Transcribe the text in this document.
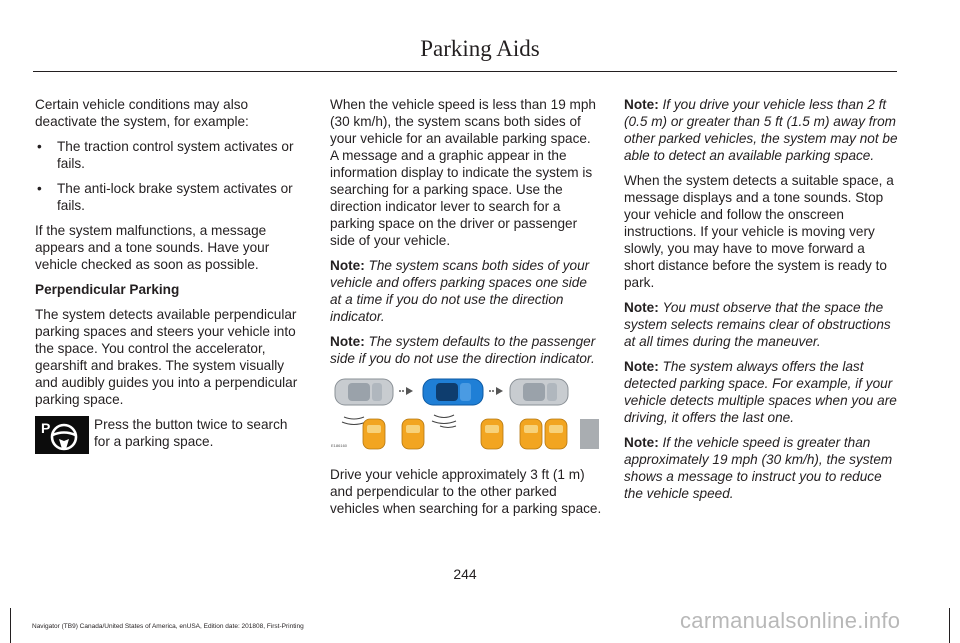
Parking Aids

Certain vehicle conditions may also deactivate the system, for example:

• The traction control system activates or fails.
• The anti-lock brake system activates or fails.

If the system malfunctions, a message appears and a tone sounds. Have your vehicle checked as soon as possible.

Perpendicular Parking

The system detects available perpendicular parking spaces and steers your vehicle into the space. You control the accelerator, gearshift and brakes. The system visually and audibly guides you into a perpendicular parking space.

P	Press the button twice to search for a parking space.

When the vehicle speed is less than 19 mph (30 km/h), the system scans both sides of your vehicle for an available parking space. A message and a graphic appear in the information display to indicate the system is searching for a parking space. Use the direction indicator lever to search for a parking space on the driver or passenger side of your vehicle.

Note: The system scans both sides of your vehicle and offers parking spaces one side at a time if you do not use the direction indicator.

Note: The system defaults to the passenger side if you do not use the direction indicator.

E186160

Drive your vehicle approximately 3 ft (1 m) and perpendicular to the other parked vehicles when searching for a parking space.

Note: If you drive your vehicle less than 2 ft (0.5 m) or greater than 5 ft (1.5 m) away from other parked vehicles, the system may not be able to detect an available parking space.

When the system detects a suitable space, a message displays and a tone sounds. Stop your vehicle and follow the onscreen instructions. If your vehicle is moving very slowly, you may have to move forward a short distance before the system is ready to park.

Note: You must observe that the space the system selects remains clear of obstructions at all times during the maneuver.

Note: The system always offers the last detected parking space. For example, if your vehicle detects multiple spaces when you are driving, it offers the last one.

Note: If the vehicle speed is greater than approximately 19 mph (30 km/h), the system shows a message to instruct you to reduce the vehicle speed.

244
Navigator (TB9) Canada/United States of America, enUSA, Edition date: 201808, First-Printing	carmanualsonline.info
